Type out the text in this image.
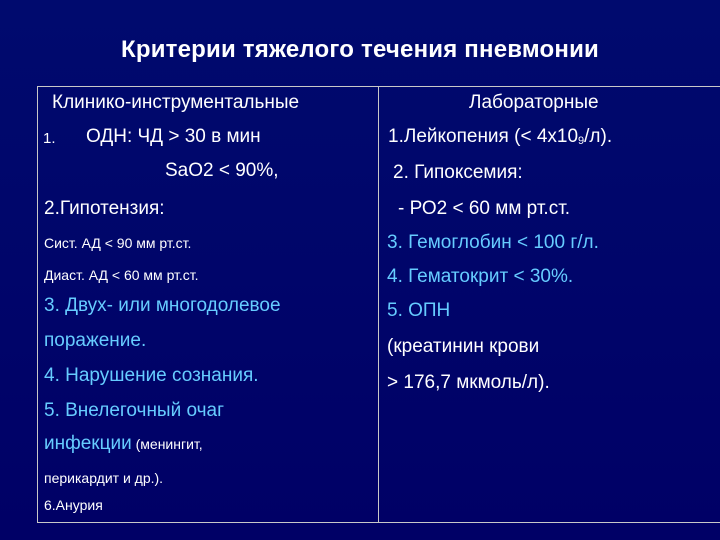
Критерии тяжелого течения пневмонии
Клинико-инструментальные
1. ОДН: ЧД > 30 в мин
SaO2 < 90%,
2.Гипотензия:
Сист. АД < 90 мм рт.ст.
Диаст. АД < 60 мм рт.ст.
3. Двух- или многодолевое
поражение.
4. Нарушение сознания.
5. Внелегочный очаг
инфекции (менингит,
перикардит и др.).
6.Анурия
Лабораторные
1.Лейкопения (< 4х109/л).
2. Гипоксемия:
- РО2 < 60 мм рт.ст.
3. Гемоглобин < 100 г/л.
4. Гематокрит < 30%.
5. ОПН
(креатинин крови
> 176,7 мкмоль/л).
